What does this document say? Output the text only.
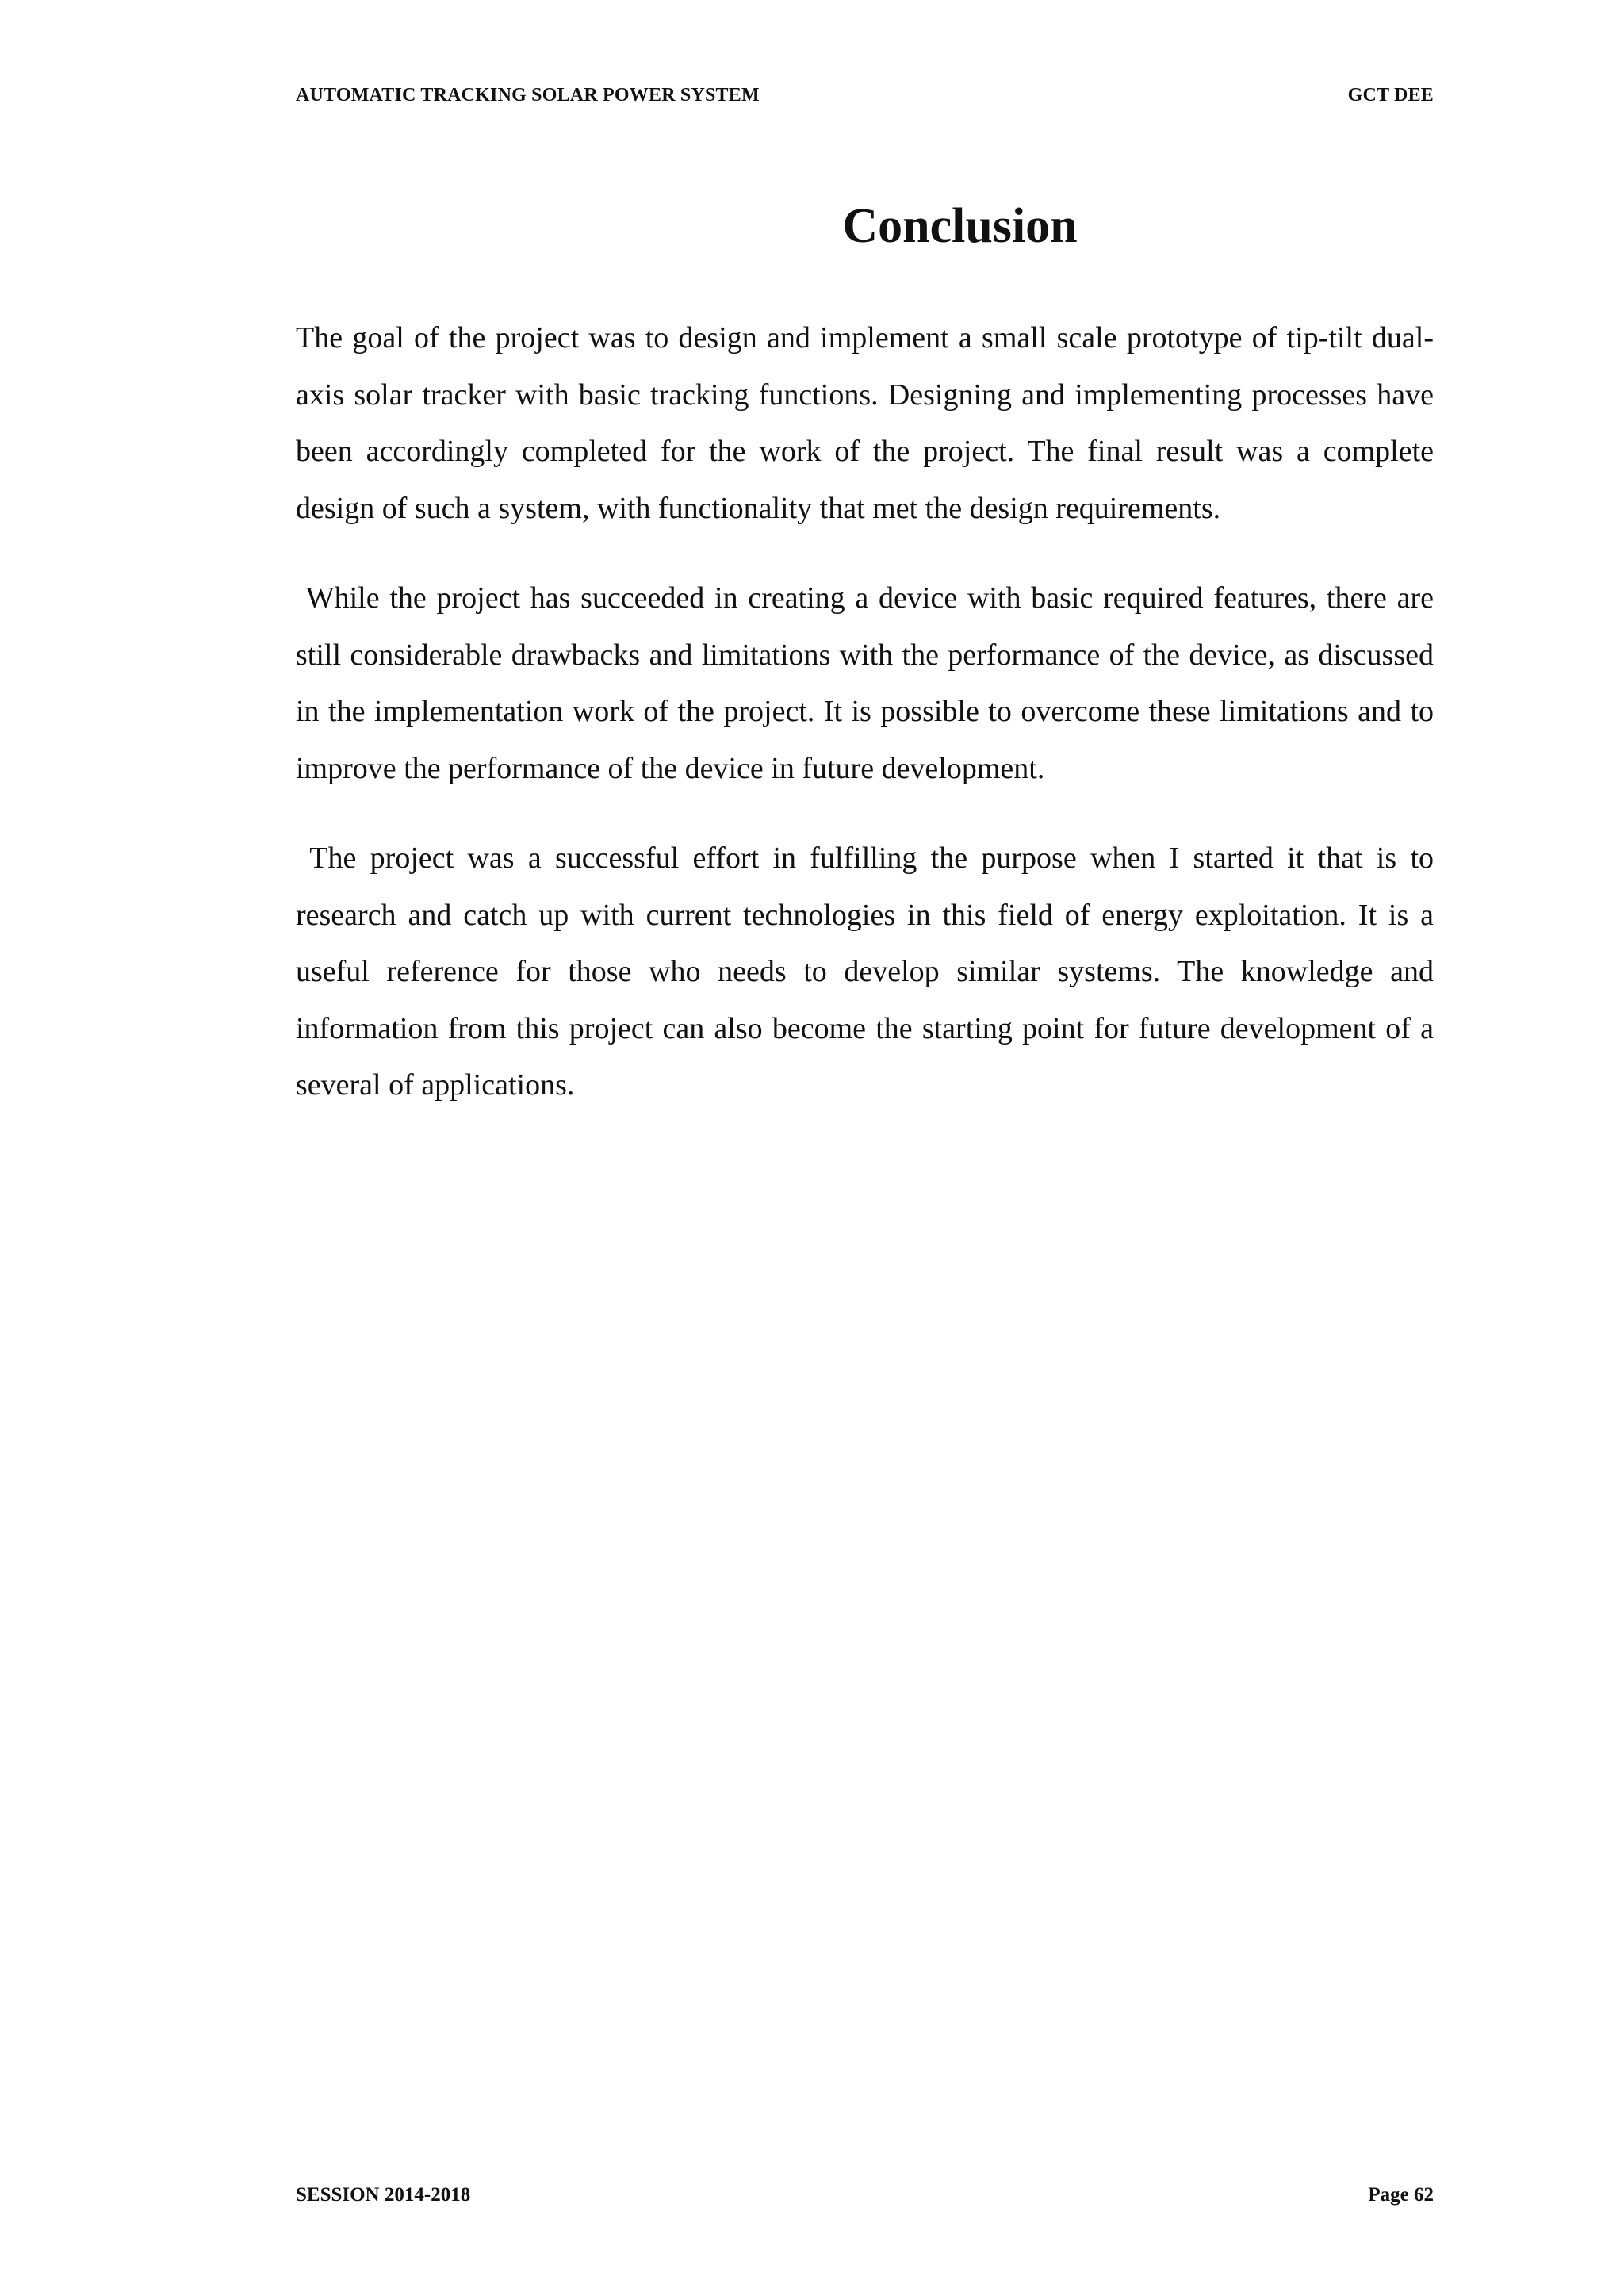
AUTOMATIC TRACKING SOLAR POWER SYSTEM	GCT DEE
Conclusion

The goal of the project was to design and implement a small scale prototype of tip-tilt dual-axis solar tracker with basic tracking functions. Designing and implementing processes have been accordingly completed for the work of the project. The final result was a complete design of such a system, with functionality that met the design requirements.

While the project has succeeded in creating a device with basic required features, there are still considerable drawbacks and limitations with the performance of the device, as discussed in the implementation work of the project. It is possible to overcome these limitations and to improve the performance of the device in future development.

The project was a successful effort in fulfilling the purpose when I started it that is to research and catch up with current technologies in this field of energy exploitation. It is a useful reference for those who needs to develop similar systems. The knowledge and information from this project can also become the starting point for future development of a several of applications.

SESSION 2014-2018	Page 62
